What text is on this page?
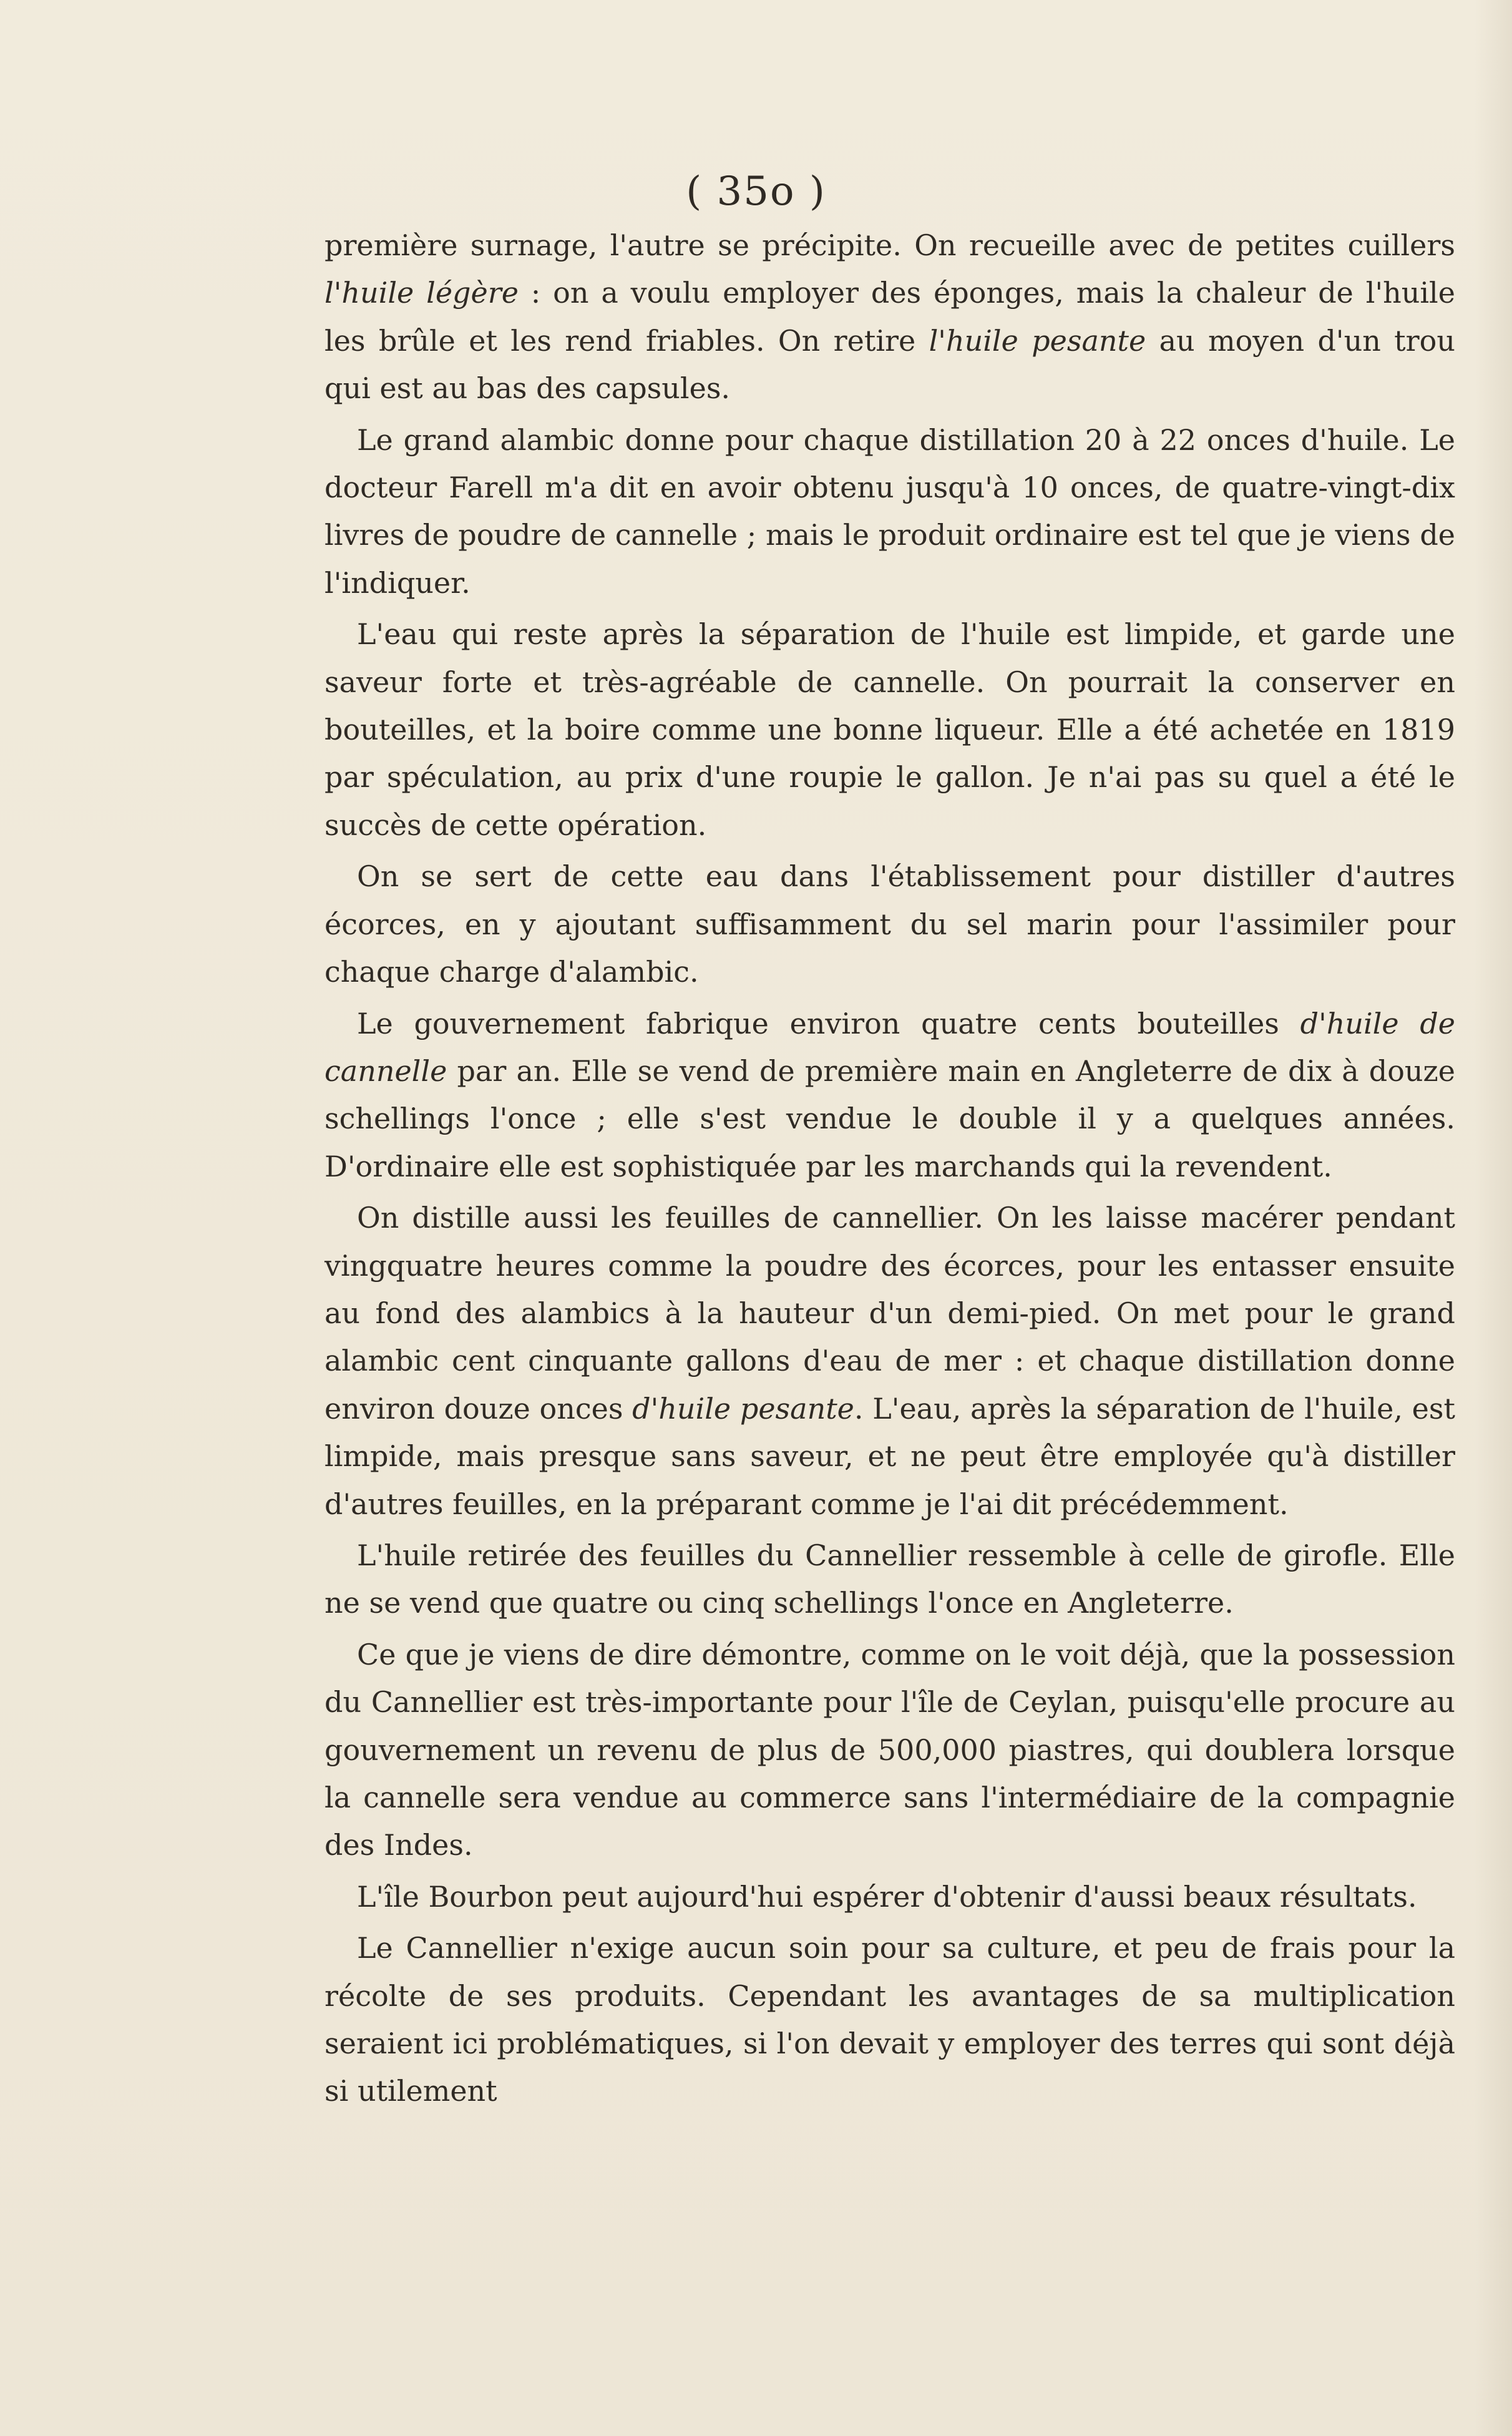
( 35o )

première surnage, l'autre se précipite. On recueille avec de petites cuillers l'huile légère : on a voulu employer des éponges, mais la chaleur de l'huile les brûle et les rend friables. On retire l'huile pesante au moyen d'un trou qui est au bas des capsules.

Le grand alambic donne pour chaque distillation 20 à 22 onces d'huile. Le docteur Farell m'a dit en avoir obtenu jusqu'à 10 onces, de quatre-vingt-dix livres de poudre de cannelle ; mais le produit ordinaire est tel que je viens de l'indiquer.

L'eau qui reste après la séparation de l'huile est limpide, et garde une saveur forte et très-agréable de cannelle. On pourrait la conserver en bouteilles, et la boire comme une bonne liqueur. Elle a été achetée en 1819 par spéculation, au prix d'une roupie le gallon. Je n'ai pas su quel a été le succès de cette opération.

On se sert de cette eau dans l'établissement pour distiller d'autres écorces, en y ajoutant suffisamment du sel marin pour l'assimiler pour chaque charge d'alambic.

Le gouvernement fabrique environ quatre cents bouteilles d'huile de cannelle par an. Elle se vend de première main en Angleterre de dix à douze schellings l'once ; elle s'est vendue le double il y a quelques années. D'ordinaire elle est sophistiquée par les marchands qui la revendent.

On distille aussi les feuilles de cannellier. On les laisse macérer pendant vingquatre heures comme la poudre des écorces, pour les entasser ensuite au fond des alambics à la hauteur d'un demi-pied. On met pour le grand alambic cent cinquante gallons d'eau de mer : et chaque distillation donne environ douze onces d'huile pesante. L'eau, après la séparation de l'huile, est limpide, mais presque sans saveur, et ne peut être employée qu'à distiller d'autres feuilles, en la préparant comme je l'ai dit précédemment.

L'huile retirée des feuilles du Cannellier ressemble à celle de girofle. Elle ne se vend que quatre ou cinq schellings l'once en Angleterre.

Ce que je viens de dire démontre, comme on le voit déjà, que la possession du Cannellier est très-importante pour l'île de Ceylan, puisqu'elle procure au gouvernement un revenu de plus de 500,000 piastres, qui doublera lorsque la cannelle sera vendue au commerce sans l'intermédiaire de la compagnie des Indes.

L'île Bourbon peut aujourd'hui espérer d'obtenir d'aussi beaux résultats.

Le Cannellier n'exige aucun soin pour sa culture, et peu de frais pour la récolte de ses produits. Cependant les avantages de sa multiplication seraient ici problématiques, si l'on devait y employer des terres qui sont déjà si utilement
